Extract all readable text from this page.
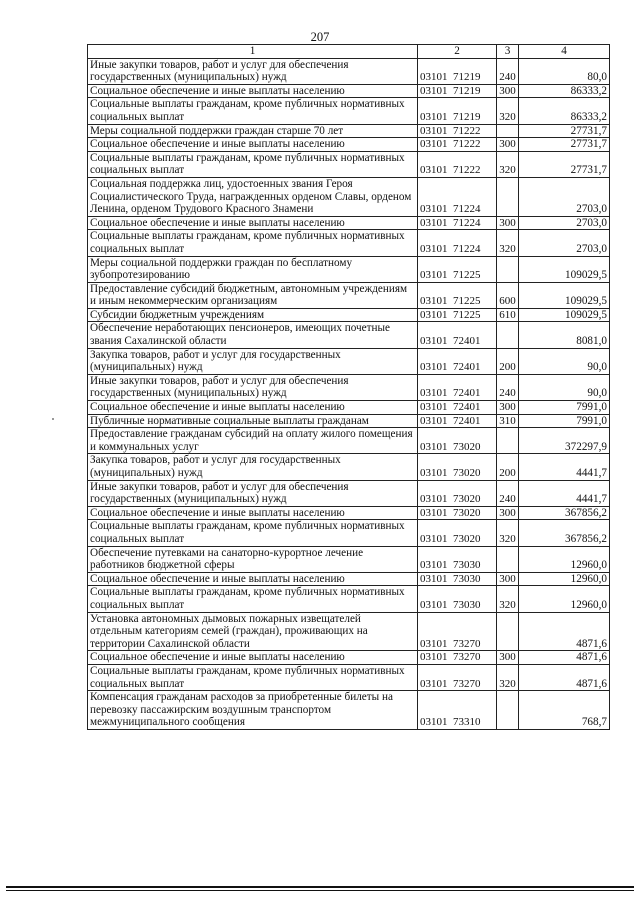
207
1	2	3	4
Иные закупки товаров, работ и услуг для обеспечения государственных (муниципальных) нужд	03101  71219	240	80,0
Социальное обеспечение и иные выплаты населению	03101  71219	300	86333,2
Социальные выплаты гражданам, кроме публичных нормативных социальных выплат	03101  71219	320	86333,2
Меры социальной поддержки граждан старше 70 лет	03101  71222		27731,7
Социальное обеспечение и иные выплаты населению	03101  71222	300	27731,7
Социальные выплаты гражданам, кроме публичных нормативных социальных выплат	03101  71222	320	27731,7
Социальная поддержка лиц, удостоенных звания Героя Социалистического Труда, награжденных орденом Славы, орденом Ленина, орденом Трудового Красного Знамени	03101  71224		2703,0
Социальное обеспечение и иные выплаты населению	03101  71224	300	2703,0
Социальные выплаты гражданам, кроме публичных нормативных социальных выплат	03101  71224	320	2703,0
Меры социальной поддержки граждан по бесплатному зубопротезированию	03101  71225		109029,5
Предоставление субсидий бюджетным, автономным учреждениям и иным некоммерческим организациям	03101  71225	600	109029,5
Субсидии бюджетным учреждениям	03101  71225	610	109029,5
Обеспечение неработающих пенсионеров, имеющих почетные звания Сахалинской области	03101  72401		8081,0
Закупка товаров, работ и услуг для государственных (муниципальных) нужд	03101  72401	200	90,0
Иные закупки товаров, работ и услуг для обеспечения государственных (муниципальных) нужд	03101  72401	240	90,0
Социальное обеспечение и иные выплаты населению	03101  72401	300	7991,0
Публичные нормативные социальные выплаты гражданам	03101  72401	310	7991,0
Предоставление гражданам субсидий на оплату жилого помещения и коммунальных услуг	03101  73020		372297,9
Закупка товаров, работ и услуг для государственных (муниципальных) нужд	03101  73020	200	4441,7
Иные закупки товаров, работ и услуг для обеспечения государственных (муниципальных) нужд	03101  73020	240	4441,7
Социальное обеспечение и иные выплаты населению	03101  73020	300	367856,2
Социальные выплаты гражданам, кроме публичных нормативных социальных выплат	03101  73020	320	367856,2
Обеспечение путевками на санаторно-курортное лечение работников бюджетной сферы	03101  73030		12960,0
Социальное обеспечение и иные выплаты населению	03101  73030	300	12960,0
Социальные выплаты гражданам, кроме публичных нормативных социальных выплат	03101  73030	320	12960,0
Установка автономных дымовых пожарных извещателей отдельным категориям семей (граждан), проживающих на территории Сахалинской области	03101  73270		4871,6
Социальное обеспечение и иные выплаты населению	03101  73270	300	4871,6
Социальные выплаты гражданам, кроме публичных нормативных социальных выплат	03101  73270	320	4871,6
Компенсация гражданам расходов за приобретенные билеты на перевозку пассажирским воздушным транспортом межмуниципального сообщения	03101  73310		768,7
